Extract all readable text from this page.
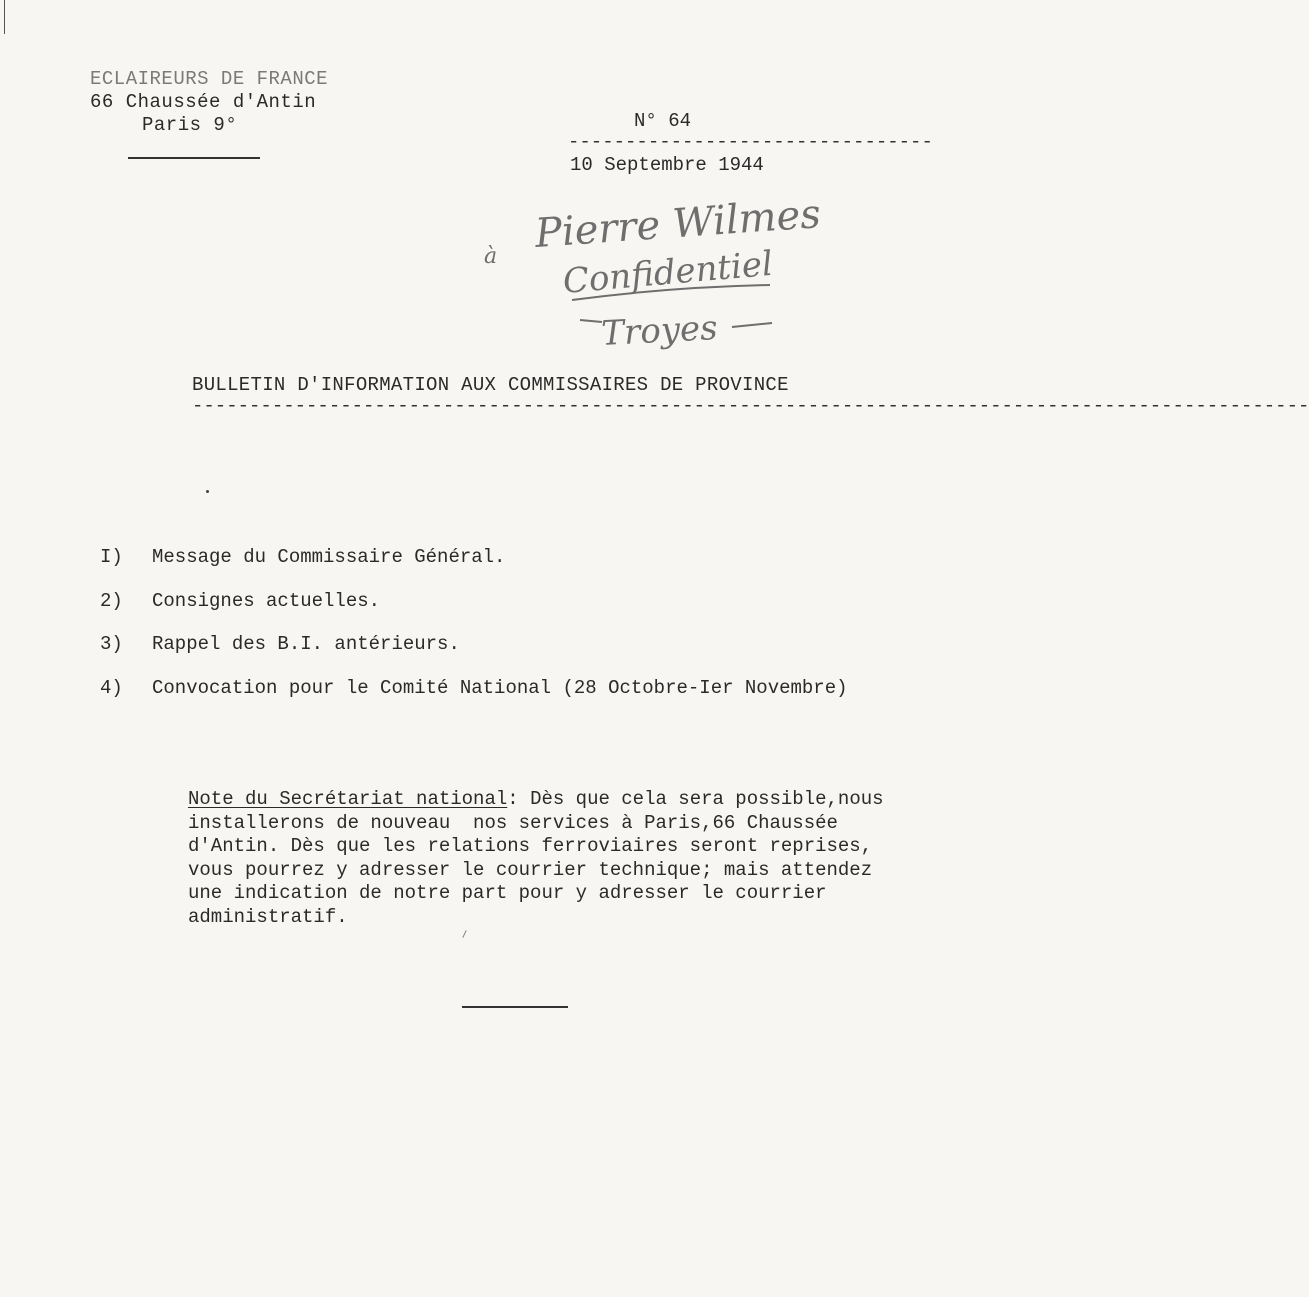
ECLAIREURS DE FRANCE
66 Chaussée d'Antin
Paris 9°	N° 64
--------------------------------
10 Septembre 1944
à Pierre Wilmes
Confidentiel
Troyes
BULLETIN D'INFORMATION AUX COMMISSAIRES DE PROVINCE
--------------------------------------------------------------------------------------------------
I)	Message du Commissaire Général.
2)	Consignes actuelles.
3)	Rappel des B.I. antérieurs.
4)	Convocation pour le Comité National (28 Octobre-Ier Novembre)
Note du Secrétariat national: Dès que cela sera possible,nous
installerons de nouveau  nos services à Paris,66 Chaussée
d'Antin. Dès que les relations ferroviaires seront reprises,
vous pourrez y adresser le courrier technique; mais attendez
une indication de notre part pour y adresser le courrier
administratif.
